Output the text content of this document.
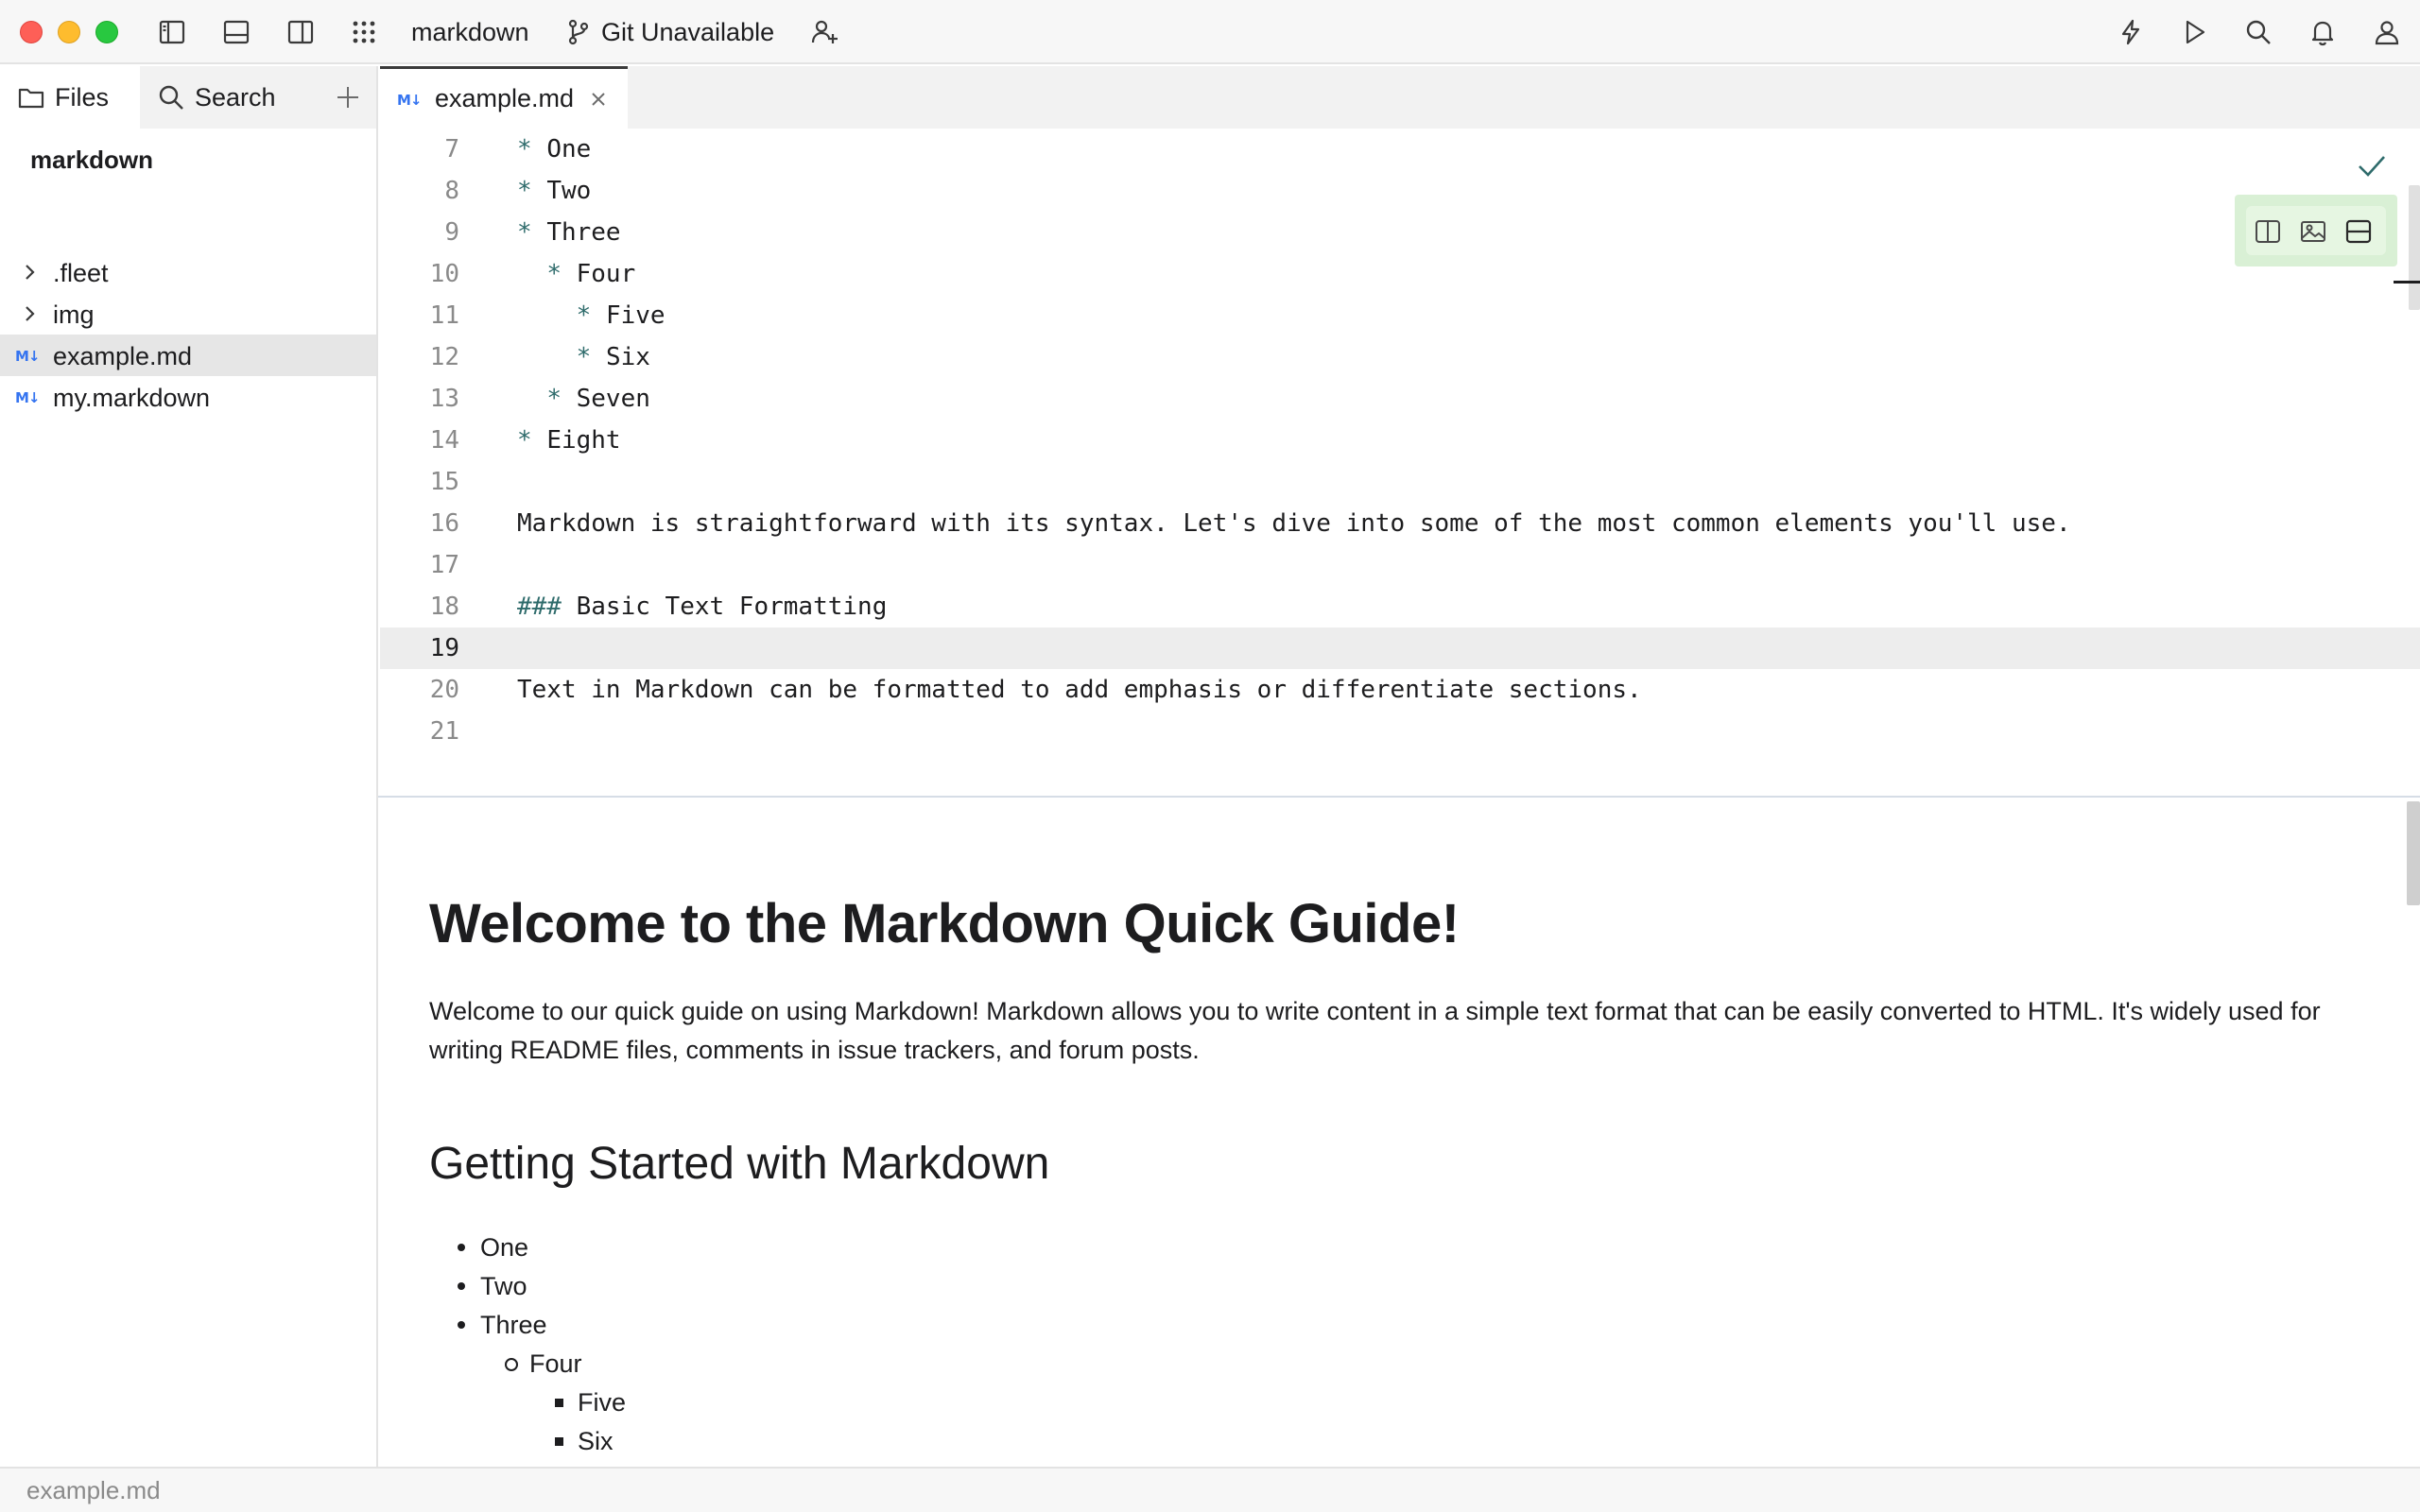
markdown	Git Unavailable
Files	Search
markdown
.fleet
img
M↓ example.md
M↓ my.markdown
M↓ example.md
7 * One
8 * Two
9 * Three
10	* Four
11	* Five
12	* Six
13	* Seven
14 * Eight
15
16 Markdown is straightforward with its syntax. Let's dive into some of the most common elements you'll use.
17
18 ### Basic Text Formatting
19
20 Text in Markdown can be formatted to add emphasis or differentiate sections.
21

Welcome to the Markdown Quick Guide!

Welcome to our quick guide on using Markdown! Markdown allows you to write content in a simple text format that can be easily converted to HTML. It's widely used for writing README files, comments in issue trackers, and forum posts.

Getting Started with Markdown
One
Two
Three
Four
Five
Six
example.md
